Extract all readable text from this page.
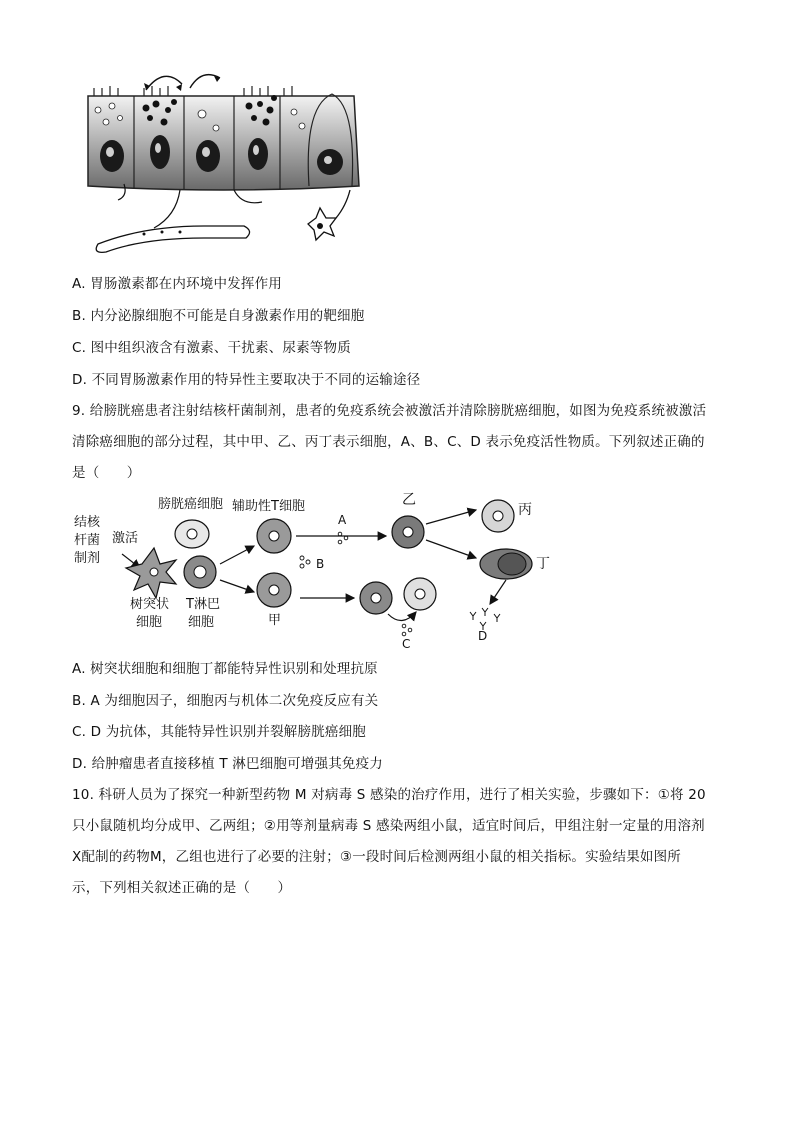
A. 胃肠激素都在内环境中发挥作用
B. 内分泌腺细胞不可能是自身激素作用的靶细胞
C. 图中组织液含有激素、干扰素、尿素等物质
D. 不同胃肠激素作用的特异性主要取决于不同的运输途径
9. 给膀胱癌患者注射结核杆菌制剂，患者的免疫系统会被激活并清除膀胱癌细胞，如图为免疫系统被激活
清除癌细胞的部分过程，其中甲、乙、丙丁表示细胞，A、B、C、D 表示免疫活性物质。下列叙述正确的
是（　　）
结核
杆菌
制剂
激活
树突状
细胞
膀胱癌细胞
T淋巴
细胞
辅助性T细胞
B
甲
A
乙
丙
丁
D
C
A. 树突状细胞和细胞丁都能特异性识别和处理抗原
B. A 为细胞因子，细胞丙与机体二次免疫反应有关
C. D 为抗体，其能特异性识别并裂解膀胱癌细胞
D. 给肿瘤患者直接移植 T 淋巴细胞可增强其免疫力
10. 科研人员为了探究一种新型药物 M 对病毒 S 感染的治疗作用，进行了相关实验，步骤如下：①将 20
只小鼠随机均分成甲、乙两组；②用等剂量病毒 S 感染两组小鼠，适宜时间后，甲组注射一定量的用溶剂
X配制的药物M，乙组也进行了必要的注射；③一段时间后检测两组小鼠的相关指标。实验结果如图所
示，下列相关叙述正确的是（　　）
